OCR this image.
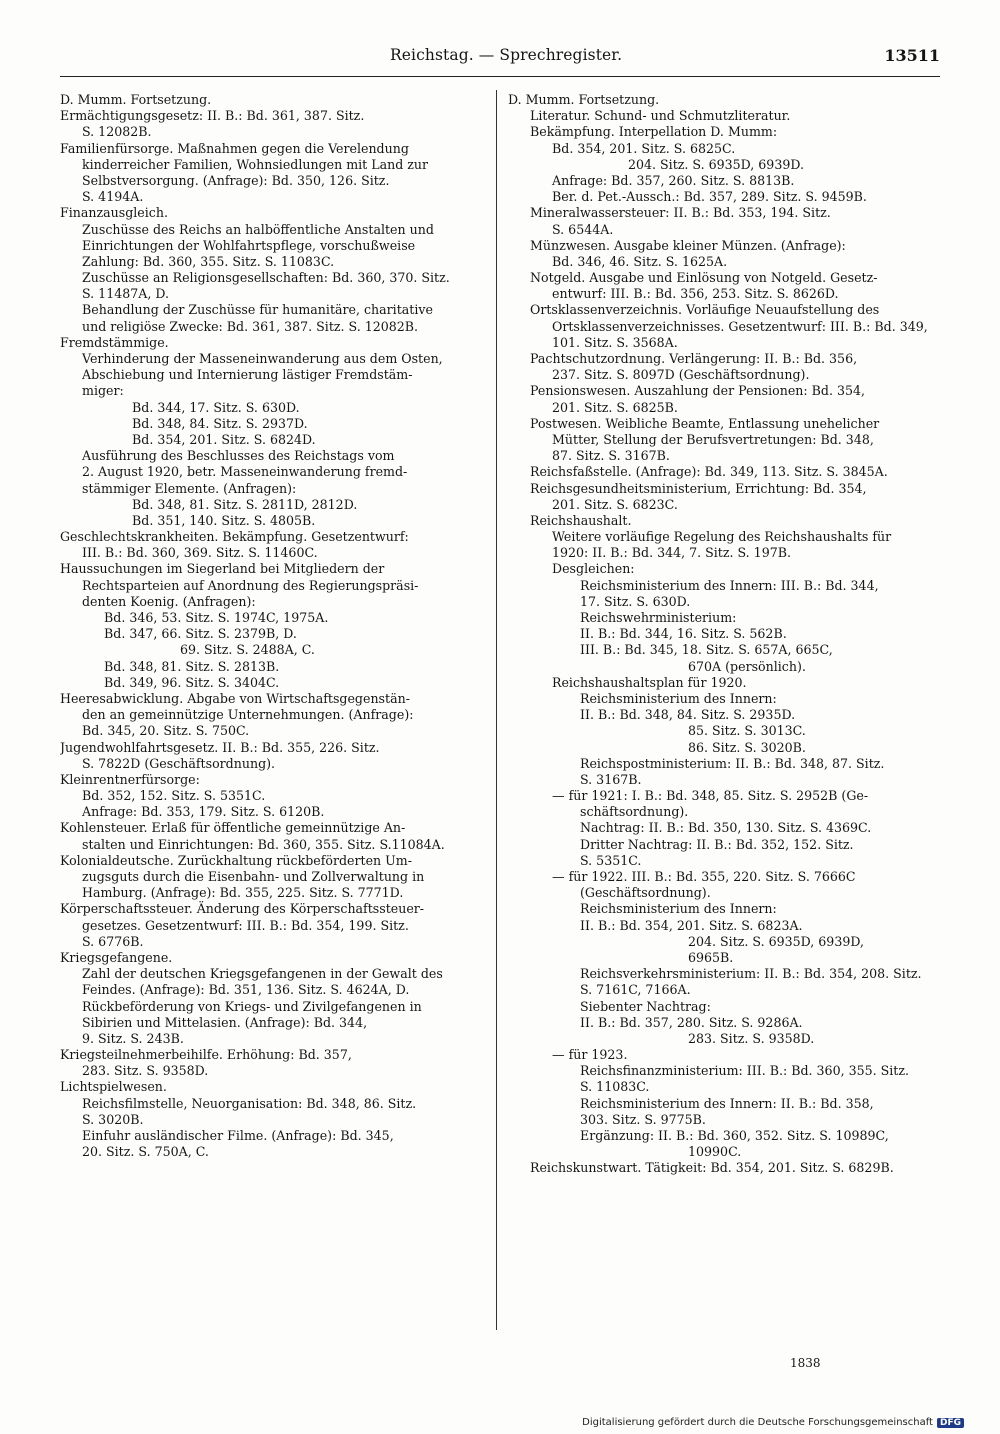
Reichstag. — Sprechregister.	13511
D. Mumm. Fortsetzung.
Ermächtigungsgesetz: II. B.: Bd. 361, 387. Sitz.
S. 12082B.
Familienfürsorge. Maßnahmen gegen die Verelendung
kinderreicher Familien, Wohnsiedlungen mit Land zur
Selbstversorgung. (Anfrage): Bd. 350, 126. Sitz.
S. 4194A.
Finanzausgleich.
Zuschüsse des Reichs an halböffentliche Anstalten und
Einrichtungen der Wohlfahrtspflege, vorschußweise
Zahlung: Bd. 360, 355. Sitz. S. 11083C.
Zuschüsse an Religionsgesellschaften: Bd. 360, 370. Sitz.
S. 11487A, D.
Behandlung der Zuschüsse für humanitäre, charitative
und religiöse Zwecke: Bd. 361, 387. Sitz. S. 12082B.
Fremdstämmige.
Verhinderung der Masseneinwanderung aus dem Osten,
Abschiebung und Internierung lästiger Fremdstäm-
miger:
Bd. 344, 17. Sitz. S. 630D.
Bd. 348, 84. Sitz. S. 2937D.
Bd. 354, 201. Sitz. S. 6824D.
Ausführung des Beschlusses des Reichstags vom
2. August 1920, betr. Masseneinwanderung fremd-
stämmiger Elemente. (Anfragen):
Bd. 348, 81. Sitz. S. 2811D, 2812D.
Bd. 351, 140. Sitz. S. 4805B.
Geschlechtskrankheiten. Bekämpfung. Gesetzentwurf:
III. B.: Bd. 360, 369. Sitz. S. 11460C.
Haussuchungen im Siegerland bei Mitgliedern der
Rechtsparteien auf Anordnung des Regierungspräsi-
denten Koenig. (Anfragen):
Bd. 346, 53. Sitz. S. 1974C, 1975A.
Bd. 347, 66. Sitz. S. 2379B, D.
69. Sitz. S. 2488A, C.
Bd. 348, 81. Sitz. S. 2813B.
Bd. 349, 96. Sitz. S. 3404C.
Heeresabwicklung. Abgabe von Wirtschaftsgegenstän-
den an gemeinnützige Unternehmungen. (Anfrage):
Bd. 345, 20. Sitz. S. 750C.
Jugendwohlfahrtsgesetz. II. B.: Bd. 355, 226. Sitz.
S. 7822D (Geschäftsordnung).
Kleinrentnerfürsorge:
Bd. 352, 152. Sitz. S. 5351C.
Anfrage: Bd. 353, 179. Sitz. S. 6120B.
Kohlensteuer. Erlaß für öffentliche gemeinnützige An-
stalten und Einrichtungen: Bd. 360, 355. Sitz. S.11084A.
Kolonialdeutsche. Zurückhaltung rückbeförderten Um-
zugsguts durch die Eisenbahn- und Zollverwaltung in
Hamburg. (Anfrage): Bd. 355, 225. Sitz. S. 7771D.
Körperschaftssteuer. Änderung des Körperschaftssteuer-
gesetzes. Gesetzentwurf: III. B.: Bd. 354, 199. Sitz.
S. 6776B.
Kriegsgefangene.
Zahl der deutschen Kriegsgefangenen in der Gewalt des
Feindes. (Anfrage): Bd. 351, 136. Sitz. S. 4624A, D.
Rückbeförderung von Kriegs- und Zivilgefangenen in
Sibirien und Mittelasien. (Anfrage): Bd. 344,
9. Sitz. S. 243B.
Kriegsteilnehmerbeihilfe. Erhöhung: Bd. 357,
283. Sitz. S. 9358D.
Lichtspielwesen.
Reichsfilmstelle, Neuorganisation: Bd. 348, 86. Sitz.
S. 3020B.
Einfuhr ausländischer Filme. (Anfrage): Bd. 345,
20. Sitz. S. 750A, C.
D. Mumm. Fortsetzung.
Literatur. Schund- und Schmutzliteratur.
Bekämpfung. Interpellation D. Mumm:
Bd. 354, 201. Sitz. S. 6825C.
204. Sitz. S. 6935D, 6939D.
Anfrage: Bd. 357, 260. Sitz. S. 8813B.
Ber. d. Pet.-Aussch.: Bd. 357, 289. Sitz. S. 9459B.
Mineralwassersteuer: II. B.: Bd. 353, 194. Sitz.
S. 6544A.
Münzwesen. Ausgabe kleiner Münzen. (Anfrage):
Bd. 346, 46. Sitz. S. 1625A.
Notgeld. Ausgabe und Einlösung von Notgeld. Gesetz-
entwurf: III. B.: Bd. 356, 253. Sitz. S. 8626D.
Ortsklassenverzeichnis. Vorläufige Neuaufstellung des
Ortsklassenverzeichnisses. Gesetzentwurf: III. B.: Bd. 349,
101. Sitz. S. 3568A.
Pachtschutzordnung. Verlängerung: II. B.: Bd. 356,
237. Sitz. S. 8097D (Geschäftsordnung).
Pensionswesen. Auszahlung der Pensionen: Bd. 354,
201. Sitz. S. 6825B.
Postwesen. Weibliche Beamte, Entlassung unehelicher
Mütter, Stellung der Berufsvertretungen: Bd. 348,
87. Sitz. S. 3167B.
Reichsfaßstelle. (Anfrage): Bd. 349, 113. Sitz. S. 3845A.
Reichsgesundheitsministerium, Errichtung: Bd. 354,
201. Sitz. S. 6823C.
Reichshaushalt.
Weitere vorläufige Regelung des Reichshaushalts für
1920: II. B.: Bd. 344, 7. Sitz. S. 197B.
Desgleichen:
Reichsministerium des Innern: III. B.: Bd. 344,
17. Sitz. S. 630D.
Reichswehrministerium:
II. B.: Bd. 344, 16. Sitz. S. 562B.
III. B.: Bd. 345, 18. Sitz. S. 657A, 665C,
670A (persönlich).
Reichshaushaltsplan für 1920.
Reichsministerium des Innern:
II. B.: Bd. 348, 84. Sitz. S. 2935D.
85. Sitz. S. 3013C.
86. Sitz. S. 3020B.
Reichspostministerium: II. B.: Bd. 348, 87. Sitz.
S. 3167B.
— für 1921: I. B.: Bd. 348, 85. Sitz. S. 2952B (Ge-
schäftsordnung).
Nachtrag: II. B.: Bd. 350, 130. Sitz. S. 4369C.
Dritter Nachtrag: II. B.: Bd. 352, 152. Sitz.
S. 5351C.
— für 1922. III. B.: Bd. 355, 220. Sitz. S. 7666C
(Geschäftsordnung).
Reichsministerium des Innern:
II. B.: Bd. 354, 201. Sitz. S. 6823A.
204. Sitz. S. 6935D, 6939D,
6965B.
Reichsverkehrsministerium: II. B.: Bd. 354, 208. Sitz.
S. 7161C, 7166A.
Siebenter Nachtrag:
II. B.: Bd. 357, 280. Sitz. S. 9286A.
283. Sitz. S. 9358D.
— für 1923.
Reichsfinanzministerium: III. B.: Bd. 360, 355. Sitz.
S. 11083C.
Reichsministerium des Innern: II. B.: Bd. 358,
303. Sitz. S. 9775B.
Ergänzung: II. B.: Bd. 360, 352. Sitz. S. 10989C,
10990C.
Reichskunstwart. Tätigkeit: Bd. 354, 201. Sitz. S. 6829B.
1838
Digitalisierung gefördert durch die Deutsche Forschungsgemeinschaft DFG
